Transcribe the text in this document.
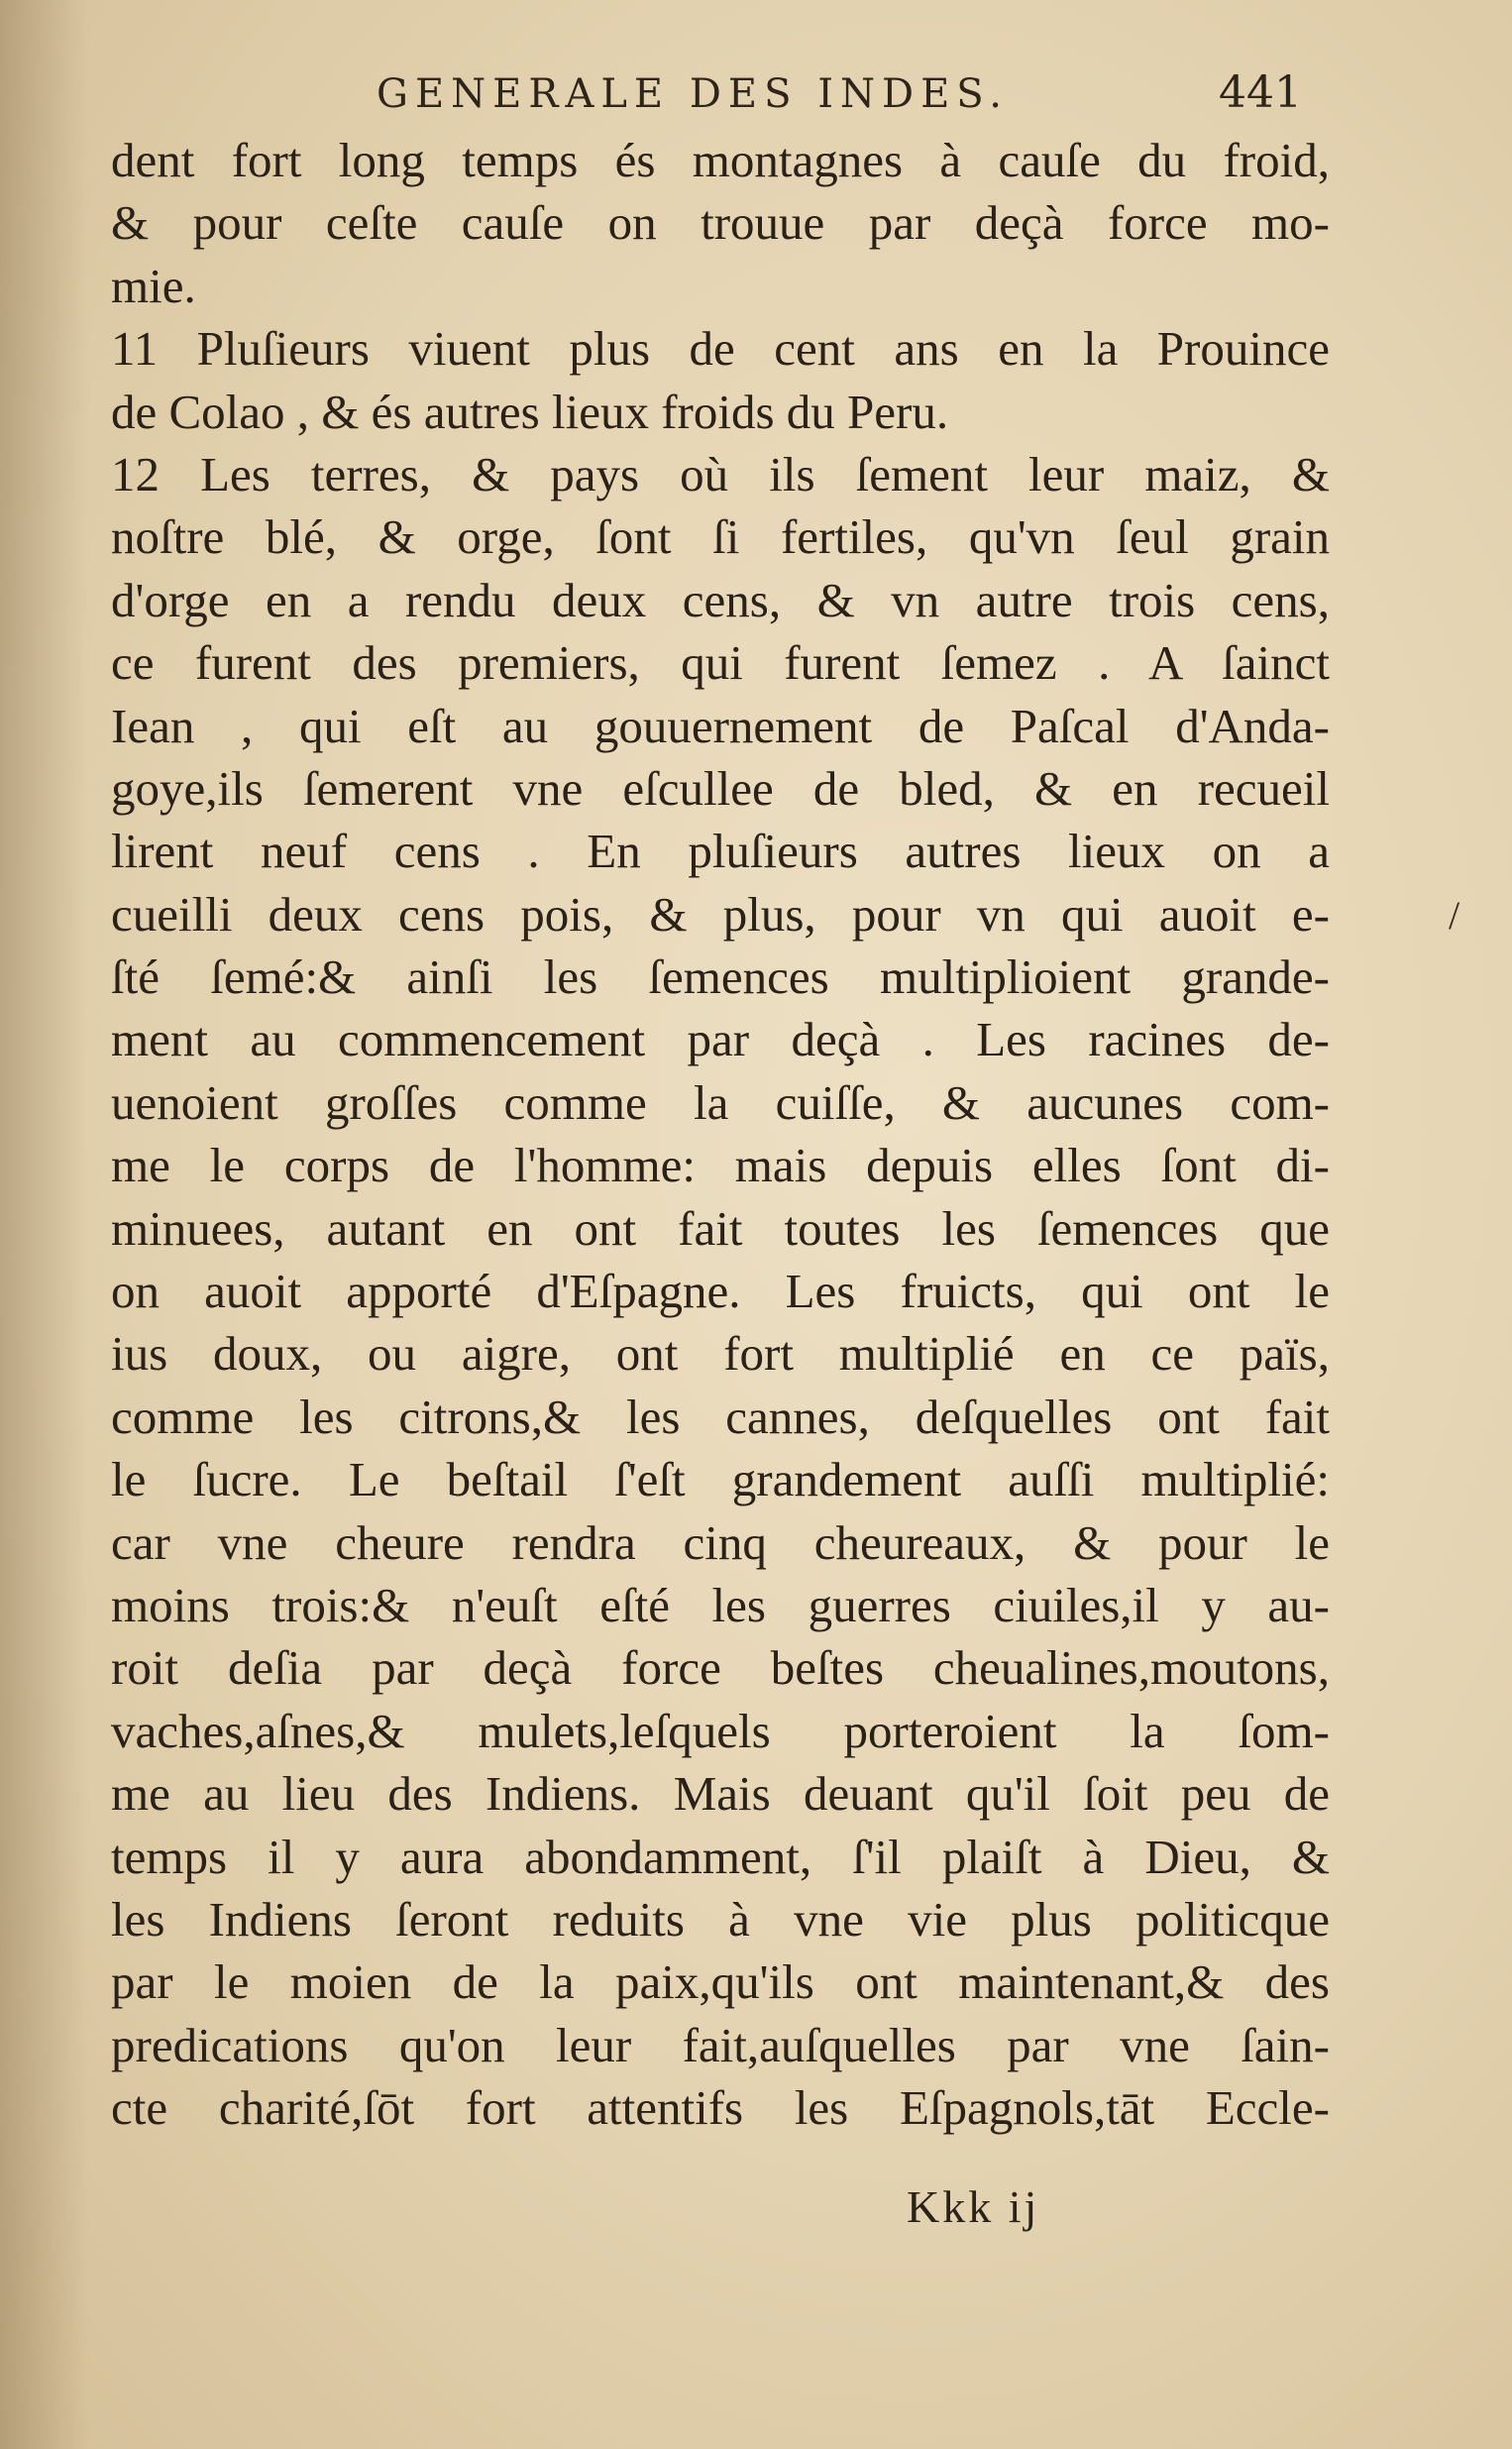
GENERALE DES INDES.	441
dent fort long temps és montagnes à cauſe du froid,
& pour ceſte cauſe on trouue par deçà force mo-
mie.
11 Pluſieurs viuent plus de cent ans en la Prouince
de Colao , & és autres lieux froids du Peru.
12 Les terres, & pays où ils ſement leur maiz, &
noſtre blé, & orge, ſont ſi fertiles, qu'vn ſeul grain
d'orge en a rendu deux cens, & vn autre trois cens,
ce furent des premiers, qui furent ſemez . A ſainct
Iean , qui eſt au gouuernement de Paſcal d'Anda-
goye,ils ſemerent vne eſcullee de bled, & en recueil
lirent neuf cens . En pluſieurs autres lieux on a
cueilli deux cens pois, & plus, pour vn qui auoit e-
ſté ſemé:& ainſi les ſemences multiplioient grande-
ment au commencement par deçà . Les racines de-
uenoient groſſes comme la cuiſſe, & aucunes com-
me le corps de l'homme: mais depuis elles ſont di-
minuees, autant en ont fait toutes les ſemences que
on auoit apporté d'Eſpagne. Les fruicts, qui ont le
ius doux, ou aigre, ont fort multiplié en ce païs,
comme les citrons,& les cannes, deſquelles ont fait
le ſucre. Le beſtail ſ'eſt grandement auſſi multiplié:
car vne cheure rendra cinq cheureaux, & pour le
moins trois:& n'euſt eſté les guerres ciuiles,il y au-
roit deſia par deçà force beſtes cheualines,moutons,
vaches,aſnes,& mulets,leſquels porteroient la ſom-
me au lieu des Indiens. Mais deuant qu'il ſoit peu de
temps il y aura abondamment, ſ'il plaiſt à Dieu, &
les Indiens ſeront reduits à vne vie plus politicque
par le moien de la paix,qu'ils ont maintenant,& des
predications qu'on leur fait,auſquelles par vne ſain-
cte charité,ſōt fort attentifs les Eſpagnols,tāt Eccle-
Kkk ij
/
